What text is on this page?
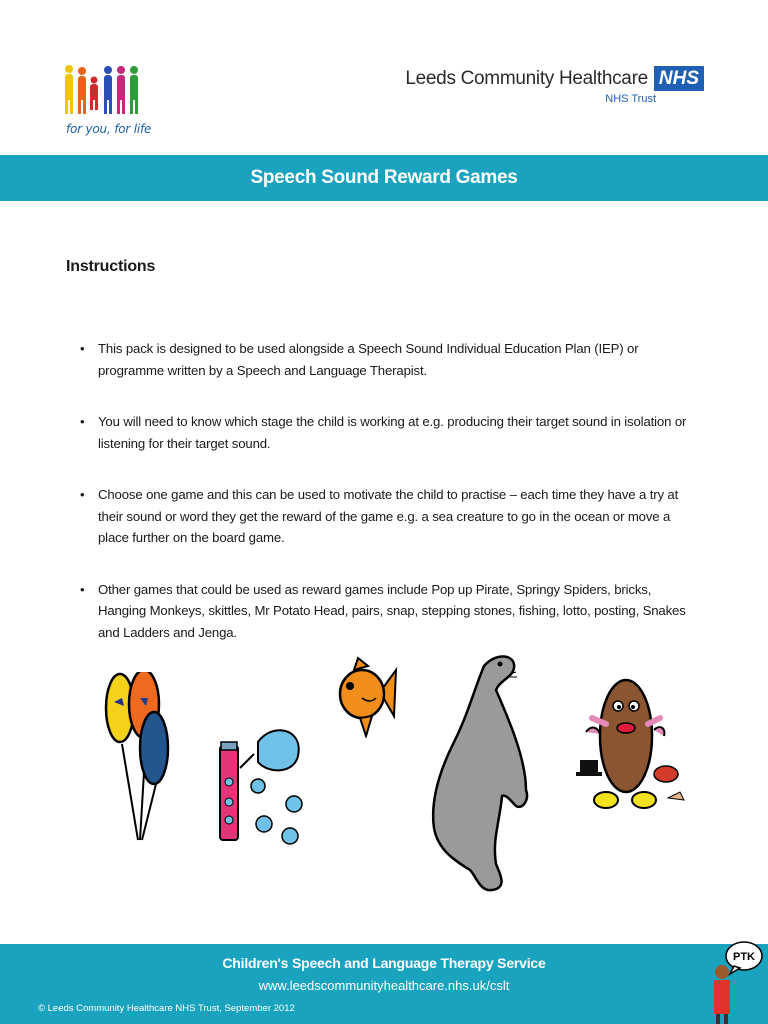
for you, for life
Leeds Community Healthcare NHS
NHS Trust
Speech Sound Reward Games
Instructions
• This pack is designed to be used alongside a Speech Sound Individual Education Plan (IEP) or programme written by a Speech and Language Therapist.
• You will need to know which stage the child is working at e.g. producing their target sound in isolation or listening for their target sound.
• Choose one game and this can be used to motivate the child to practise – each time they have a try at their sound or word they get the reward of the game e.g. a sea creature to go in the ocean or move a place further on the board game.
• Other games that could be used as reward games include Pop up Pirate, Springy Spiders, bricks, Hanging Monkeys, skittles, Mr Potato Head, pairs, snap, stepping stones, fishing, lotto, posting, Snakes and Ladders and Jenga.
Children's Speech and Language Therapy Service
www.leedscommunityhealthcare.nhs.uk/cslt
© Leeds Community Healthcare NHS Trust, September 2012
PTK
